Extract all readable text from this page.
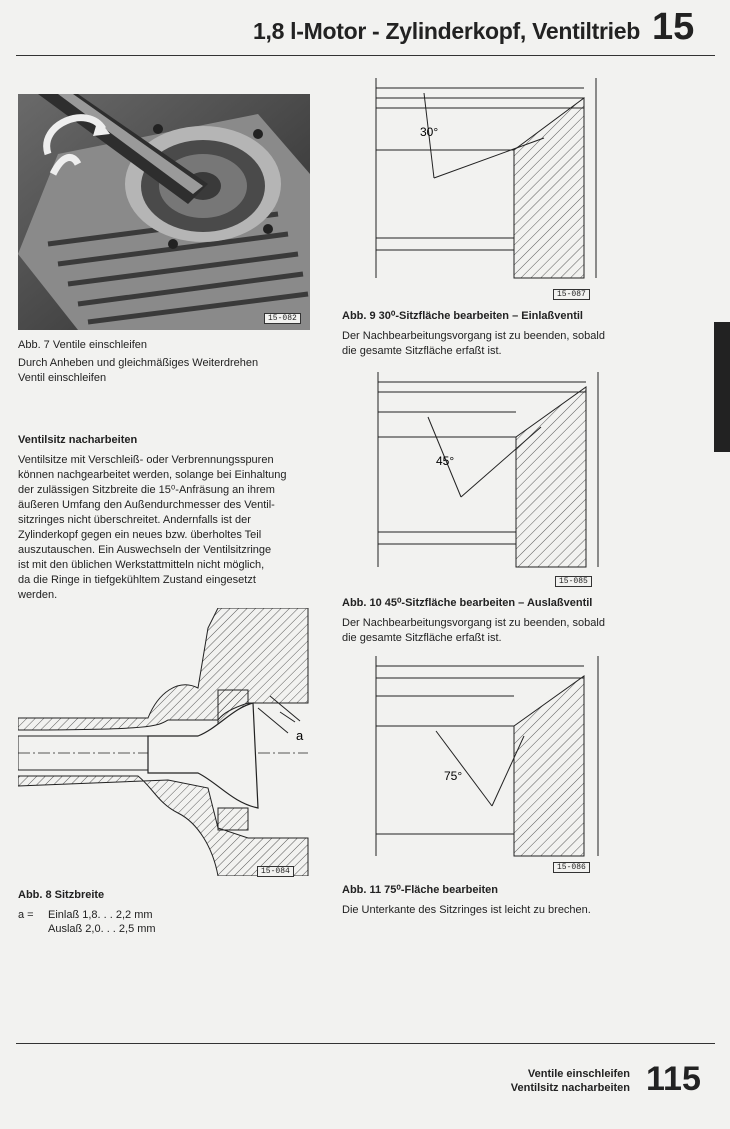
1,8 l-Motor - Zylinderkopf, Ventiltrieb 15
15-082
Abb. 7 Ventile einschleifen
Durch Anheben und gleichmäßiges Weiterdrehen
Ventil einschleifen
Ventilsitz nacharbeiten
Ventilsitze mit Verschleiß- oder Verbrennungsspuren
können nachgearbeitet werden, solange bei Einhaltung
der zulässigen Sitzbreite die 15⁰-Anfräsung an ihrem
äußeren Umfang den Außendurchmesser des Ventil-
sitzringes nicht überschreitet. Andernfalls ist der
Zylinderkopf gegen ein neues bzw. überholtes Teil
auszutauschen. Ein Auswechseln der Ventilsitzringe
ist mit den üblichen Werkstattmitteln nicht möglich,
da die Ringe in tiefgekühltem Zustand eingesetzt
werden.
a
15-084
Abb. 8 Sitzbreite
a = Einlaß 1,8. . . 2,2 mm
Auslaß 2,0. . . 2,5 mm
30°
15-087
Abb. 9 30⁰-Sitzfläche bearbeiten – Einlaßventil
Der Nachbearbeitungsvorgang ist zu beenden, sobald
die gesamte Sitzfläche erfaßt ist.
45°
15-085
Abb. 10 45⁰-Sitzfläche bearbeiten – Auslaßventil
Der Nachbearbeitungsvorgang ist zu beenden, sobald
die gesamte Sitzfläche erfaßt ist.
75°
15-086
Abb. 11 75⁰-Fläche bearbeiten
Die Unterkante des Sitzringes ist leicht zu brechen.
Ventile einschleifen
Ventilsitz nacharbeiten 115
